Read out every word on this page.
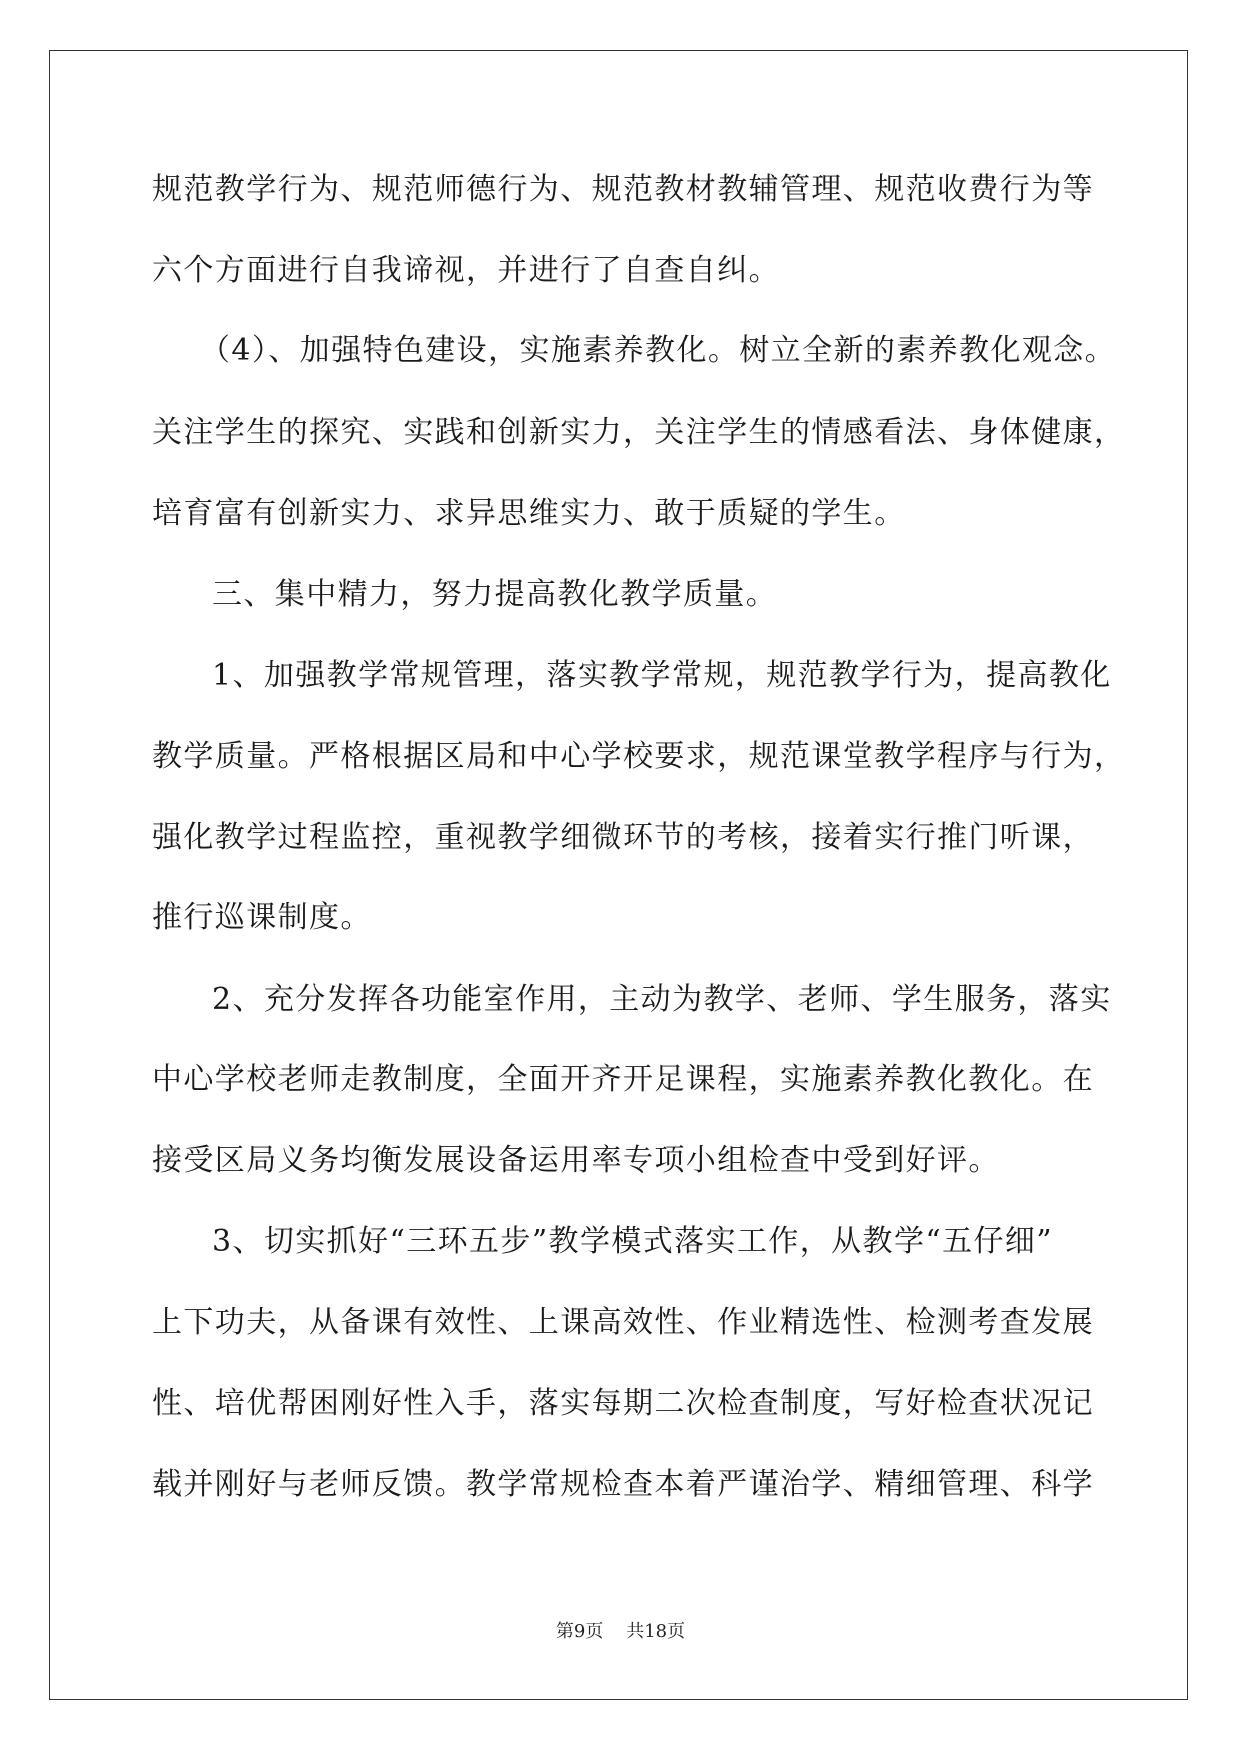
规范教学行为、规范师德行为、规范教材教辅管理、规范收费行为等

六个方面进行自我谛视，并进行了自查自纠。

（4）、加强特色建设，实施素养教化。树立全新的素养教化观念。

关注学生的探究、实践和创新实力，关注学生的情感看法、身体健康，

培育富有创新实力、求异思维实力、敢于质疑的学生。

三、集中精力，努力提高教化教学质量。

1、加强教学常规管理，落实教学常规，规范教学行为，提高教化

教学质量。严格根据区局和中心学校要求，规范课堂教学程序与行为，

强化教学过程监控，重视教学细微环节的考核，接着实行推门听课，

推行巡课制度。

2、充分发挥各功能室作用，主动为教学、老师、学生服务，落实

中心学校老师走教制度，全面开齐开足课程，实施素养教化教化。在

接受区局义务均衡发展设备运用率专项小组检查中受到好评。

3、切实抓好“三环五步”教学模式落实工作，从教学“五仔细”

上下功夫，从备课有效性、上课高效性、作业精选性、检测考查发展

性、培优帮困刚好性入手，落实每期二次检查制度，写好检查状况记

载并刚好与老师反馈。教学常规检查本着严谨治学、精细管理、科学

第9页 共18页
